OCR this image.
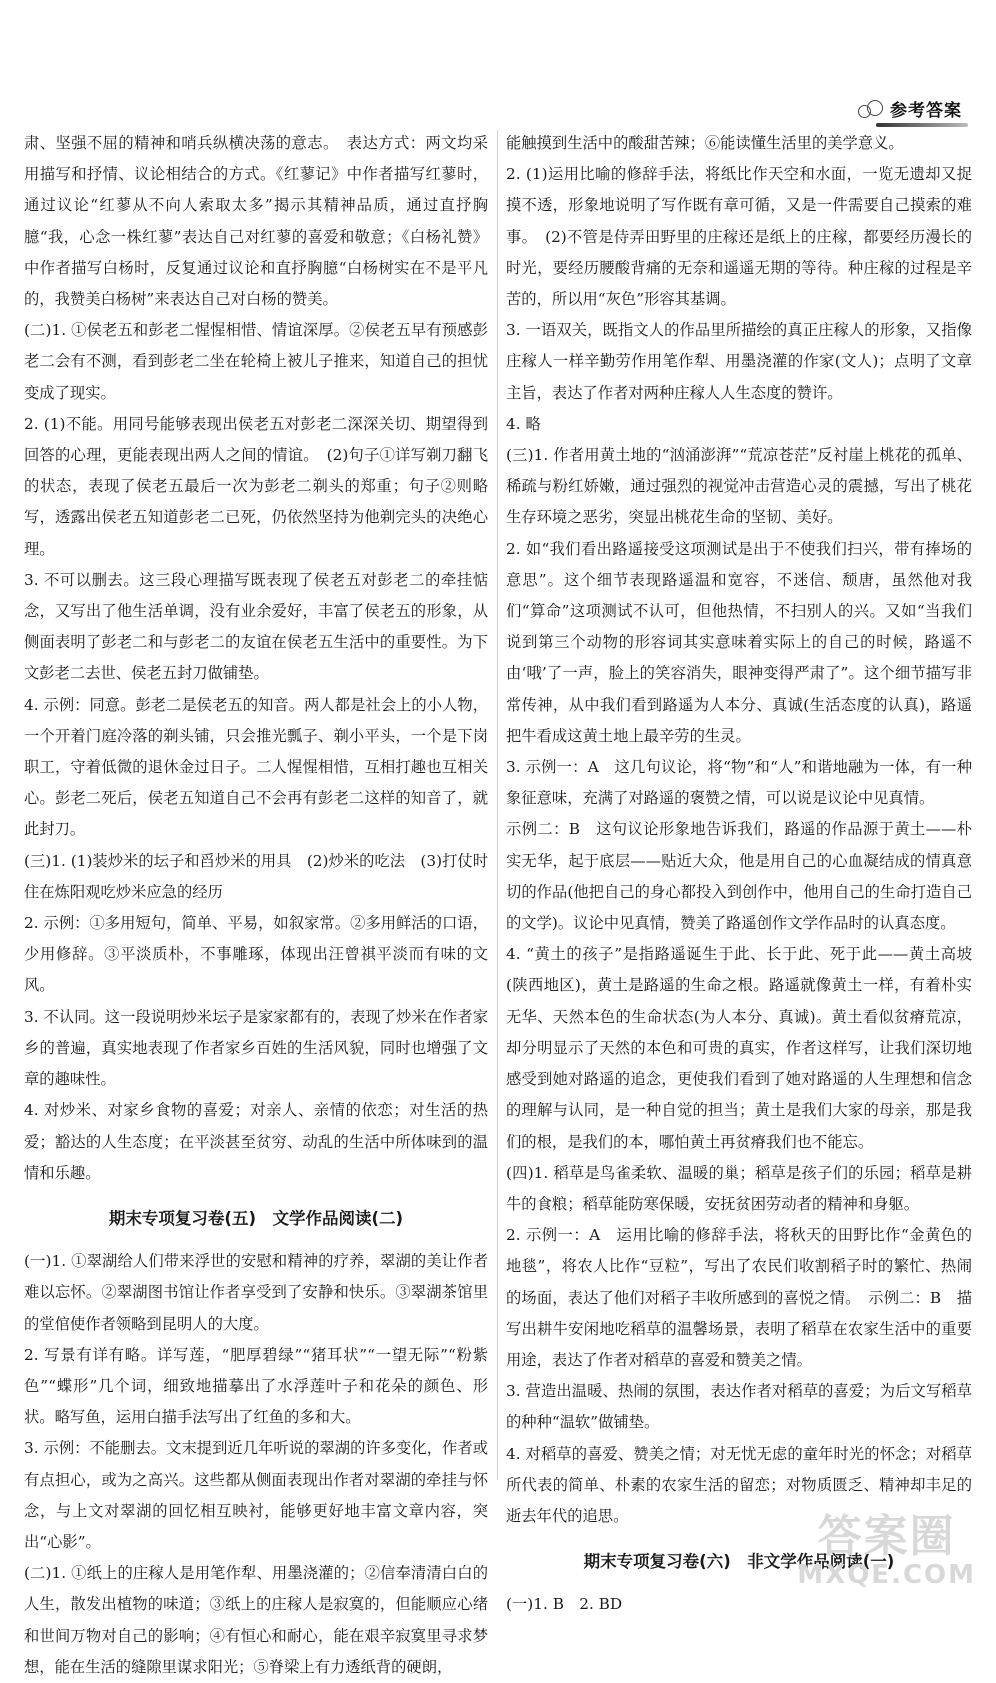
参考答案

肃、坚强不屈的精神和哨兵纵横决荡的意志。　表达方式：两文均采用描写和抒情、议论相结合的方式。《红蓼记》中作者描写红蓼时，通过议论“红蓼从不向人索取太多”揭示其精神品质，通过直抒胸臆“我，心念一株红蓼”表达自己对红蓼的喜爱和敬意；《白杨礼赞》中作者描写白杨时，反复通过议论和直抒胸臆“白杨树实在不是平凡的，我赞美白杨树”来表达自己对白杨的赞美。

(二)1. ①侯老五和彭老二惺惺相惜、情谊深厚。②侯老五早有预感彭老二会有不测，看到彭老二坐在轮椅上被儿子推来，知道自己的担忧变成了现实。

2. (1)不能。用同号能够表现出侯老五对彭老二深深关切、期望得到回答的心理，更能表现出两人之间的情谊。　(2)句子①详写剃刀翻飞的状态，表现了侯老五最后一次为彭老二剃头的郑重；句子②则略写，透露出侯老五知道彭老二已死，仍依然坚持为他剃完头的决绝心理。

3. 不可以删去。这三段心理描写既表现了侯老五对彭老二的牵挂惦念，又写出了他生活单调，没有业余爱好，丰富了侯老五的形象，从侧面表明了彭老二和与彭老二的友谊在侯老五生活中的重要性。为下文彭老二去世、侯老五封刀做铺垫。

4. 示例：同意。彭老二是侯老五的知音。两人都是社会上的小人物，一个开着门庭冷落的剃头铺，只会推光瓢子、剃小平头，一个是下岗职工，守着低微的退休金过日子。二人惺惺相惜，互相打趣也互相关心。彭老二死后，侯老五知道自己不会再有彭老二这样的知音了，就此封刀。

(三)1. (1)装炒米的坛子和舀炒米的用具　(2)炒米的吃法　(3)打仗时住在炼阳观吃炒米应急的经历

2. 示例：①多用短句，简单、平易，如叙家常。②多用鲜活的口语，少用修辞。③平淡质朴，不事雕琢，体现出汪曾祺平淡而有味的文风。

3. 不认同。这一段说明炒米坛子是家家都有的，表现了炒米在作者家乡的普遍，真实地表现了作者家乡百姓的生活风貌，同时也增强了文章的趣味性。

4. 对炒米、对家乡食物的喜爱；对亲人、亲情的依恋；对生活的热爱；豁达的人生态度；在平淡甚至贫穷、动乱的生活中所体味到的温情和乐趣。

期末专项复习卷(五)　文学作品阅读(二)

(一)1. ①翠湖给人们带来浮世的安慰和精神的疗养，翠湖的美让作者难以忘怀。②翠湖图书馆让作者享受到了安静和快乐。③翠湖茶馆里的堂倌使作者领略到昆明人的大度。

2. 写景有详有略。详写莲，“肥厚碧绿”“猪耳状”“一望无际”“粉紫色”“蝶形”几个词，细致地描摹出了水浮莲叶子和花朵的颜色、形状。略写鱼，运用白描手法写出了红鱼的多和大。

3. 示例：不能删去。文末提到近几年听说的翠湖的许多变化，作者或有点担心，或为之高兴。这些都从侧面表现出作者对翠湖的牵挂与怀念，与上文对翠湖的回忆相互映衬，能够更好地丰富文章内容，突出“心影”。

(二)1. ①纸上的庄稼人是用笔作犁、用墨浇灌的；②信奉清清白白的人生，散发出植物的味道；③纸上的庄稼人是寂寞的，但能顺应心绪和世间万物对自己的影响；④有恒心和耐心，能在艰辛寂寞里寻求梦想，能在生活的缝隙里谋求阳光；⑤脊梁上有力透纸背的硬朗，

能触摸到生活中的酸甜苦辣；⑥能读懂生活里的美学意义。

2. (1)运用比喻的修辞手法，将纸比作天空和水面，一览无遗却又捉摸不透，形象地说明了写作既有章可循，又是一件需要自己摸索的难事。　(2)不管是侍弄田野里的庄稼还是纸上的庄稼，都要经历漫长的时光，要经历腰酸背痛的无奈和遥遥无期的等待。种庄稼的过程是辛苦的，所以用“灰色”形容其基调。

3. 一语双关，既指文人的作品里所描绘的真正庄稼人的形象，又指像庄稼人一样辛勤劳作用笔作犁、用墨浇灌的作家(文人)；点明了文章主旨，表达了作者对两种庄稼人人生态度的赞许。

4. 略

(三)1. 作者用黄土地的“汹涌澎湃”“荒凉苍茫”反衬崖上桃花的孤单、稀疏与粉红娇嫩，通过强烈的视觉冲击营造心灵的震撼，写出了桃花生存环境之恶劣，突显出桃花生命的坚韧、美好。

2. 如“我们看出路遥接受这项测试是出于不使我们扫兴，带有捧场的意思”。这个细节表现路遥温和宽容，不迷信、颓唐，虽然他对我们“算命”这项测试不认可，但他热情，不扫别人的兴。又如“当我们说到第三个动物的形容词其实意味着实际上的自己的时候，路遥不由‘哦’了一声，脸上的笑容消失，眼神变得严肃了”。这个细节描写非常传神，从中我们看到路遥为人本分、真诚(生活态度的认真)，路遥把牛看成这黄土地上最辛劳的生灵。

3. 示例一：A　这几句议论，将“物”和“人”和谐地融为一体，有一种象征意味，充满了对路遥的褒赞之情，可以说是议论中见真情。

示例二：B　这句议论形象地告诉我们，路遥的作品源于黄土——朴实无华，起于底层——贴近大众，他是用自己的心血凝结成的情真意切的作品(他把自己的身心都投入到创作中，他用自己的生命打造自己的文学)。议论中见真情，赞美了路遥创作文学作品时的认真态度。

4. “黄土的孩子”是指路遥诞生于此、长于此、死于此——黄土高坡(陕西地区)，黄土是路遥的生命之根。路遥就像黄土一样，有着朴实无华、天然本色的生命状态(为人本分、真诚)。黄土看似贫瘠荒凉，却分明显示了天然的本色和可贵的真实，作者这样写，让我们深切地感受到她对路遥的追念，更使我们看到了她对路遥的人生理想和信念的理解与认同，是一种自觉的担当；黄土是我们大家的母亲，那是我们的根，是我们的本，哪怕黄土再贫瘠我们也不能忘。

(四)1. 稻草是鸟雀柔软、温暖的巢；稻草是孩子们的乐园；稻草是耕牛的食粮；稻草能防寒保暖，安抚贫困劳动者的精神和身躯。

2. 示例一：A　运用比喻的修辞手法，将秋天的田野比作“金黄色的地毯”，将农人比作“豆粒”，写出了农民们收割稻子时的繁忙、热闹的场面，表达了他们对稻子丰收所感到的喜悦之情。　示例二：B　描写出耕牛安闲地吃稻草的温馨场景，表明了稻草在农家生活中的重要用途，表达了作者对稻草的喜爱和赞美之情。

3. 营造出温暖、热闹的氛围，表达作者对稻草的喜爱；为后文写稻草的种种“温软”做铺垫。

4. 对稻草的喜爱、赞美之情；对无忧无虑的童年时光的怀念；对稻草所代表的简单、朴素的农家生活的留恋；对物质匮乏、精神却丰足的逝去年代的追思。

期末专项复习卷(六)　非文学作品阅读(一)

(一)1. B　2. BD

答案圈
MXQE.COM
